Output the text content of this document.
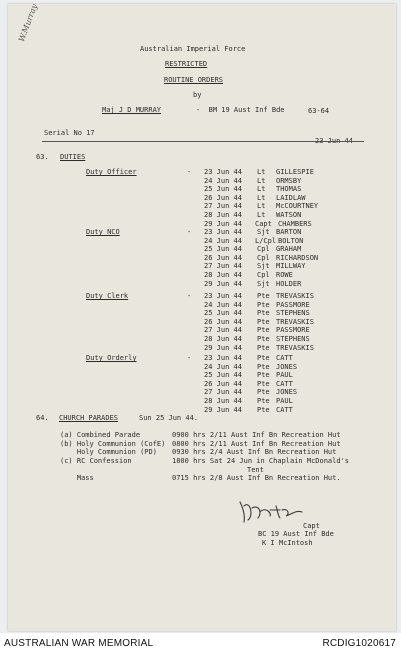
W.Murray
Australian Imperial Force
RESTRICTED
ROUTINE ORDERS
by
Maj J D MURRAY	-  BM 19 Aust Inf Bde	63-64
Serial No 17
23 Jun 44
63. DUTIES
Duty Officer	- 23 Jun 44 Lt GILLESPIE
24 Jun 44 Lt ORMSBY
25 Jun 44 Lt THOMAS
26 Jun 44 Lt LAIDLAW
27 Jun 44 Lt McCOURTNEY
28 Jun 44 Lt WATSON
29 Jun 44 Capt CHAMBERS
Duty NCO	- 23 Jun 44 Sjt BARTON
24 Jun 44 L/Cpl BOLTON
25 Jun 44 Cpl GRAHAM
26 Jun 44 Cpl RICHARDSON
27 Jun 44 Sjt MILLWAY
28 Jun 44 Cpl ROWE
29 Jun 44 Sjt HOLDER
Duty Clerk	- 23 Jun 44 Pte TREVASKIS
24 Jun 44 Pte PASSMORE
25 Jun 44 Pte STEPHENS
26 Jun 44 Pte TREVASKIS
27 Jun 44 Pte PASSMORE
28 Jun 44 Pte STEPHENS
29 Jun 44 Pte TREVASKIS
Duty Orderly	- 23 Jun 44 Pte CATT
24 Jun 44 Pte JONES
25 Jun 44 Pte PAUL
26 Jun 44 Pte CATT
27 Jun 44 Pte JONES
28 Jun 44 Pte PAUL
29 Jun 44 Pte CATT
64. CHURCH PARADES	Sun 25 Jun 44.
(a) Combined Parade	0900 hrs 2/11 Aust Inf Bn Recreation Hut
(b) Holy Communion (CofE) 0800 hrs 2/11 Aust Inf Bn Recreation Hut
Holy Communion (PD) 0930 hrs 2/4 Aust Inf Bn Recreation Hut
(c) RC Confession	1800 hrs Sat 24 Jun in Chaplain McDonald's
Tent
Mass	0715 hrs 2/8 Aust Inf Bn Recreation Hut.
Capt
BC 19 Aust Inf Bde
K I McIntosh
AUSTRALIAN WAR MEMORIAL	RCDIG1020617
